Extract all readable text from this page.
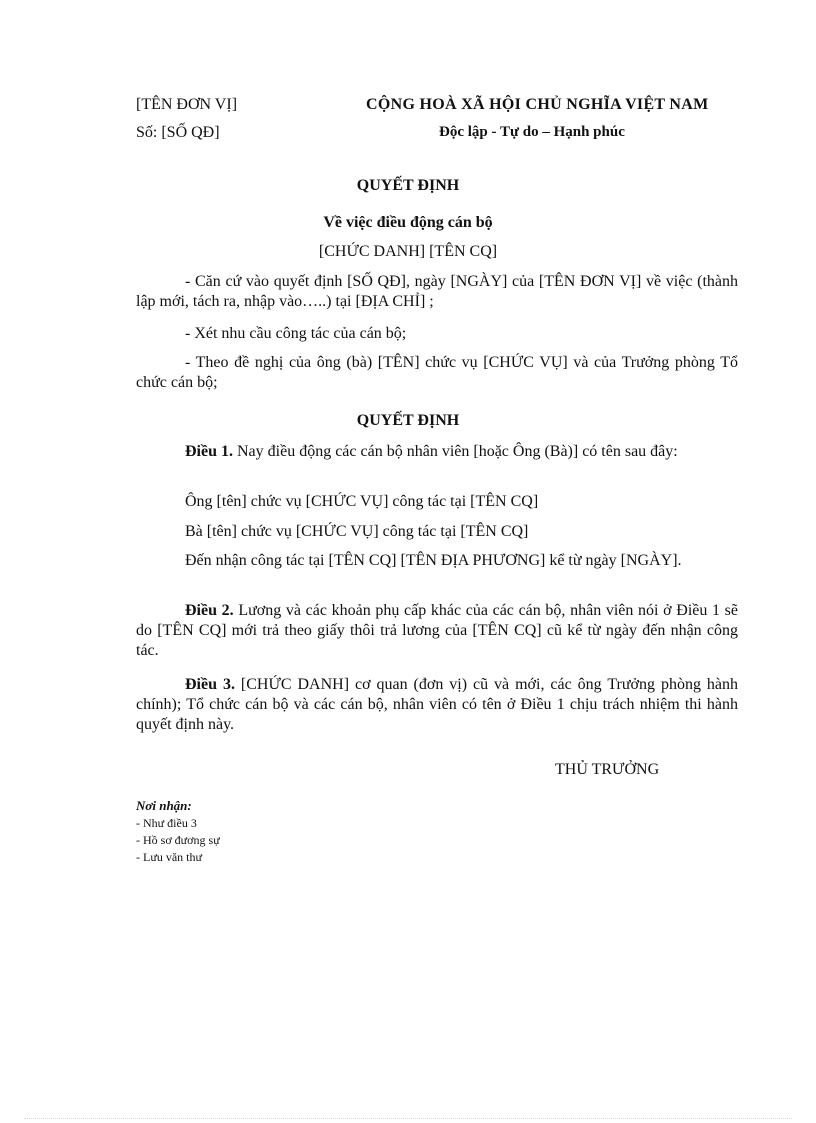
[TÊN ĐƠN VỊ]
Số: [SỐ QĐ]
CỘNG HOÀ XÃ HỘI CHỦ NGHĨA VIỆT NAM
Độc lập - Tự do – Hạnh phúc
QUYẾT ĐỊNH
Về việc điều động cán bộ
[CHỨC DANH] [TÊN CQ]
- Căn cứ vào quyết định [SỐ QĐ], ngày [NGÀY] của [TÊN ĐƠN VỊ] về việc (thành lập mới, tách ra, nhập vào…..) tại [ĐỊA CHỈ] ;
- Xét nhu cầu công tác của cán bộ;
- Theo đề nghị của ông (bà) [TÊN] chức vụ [CHỨC VỤ] và của Trưởng phòng Tổ chức cán bộ;
QUYẾT ĐỊNH
Điều 1. Nay điều động các cán bộ nhân viên [hoặc Ông (Bà)] có tên sau đây:
Ông [tên] chức vụ [CHỨC VỤ] công tác tại [TÊN CQ]
Bà [tên] chức vụ [CHỨC VỤ] công tác tại [TÊN CQ]
Đến nhận công tác tại [TÊN CQ] [TÊN ĐỊA PHƯƠNG] kể từ ngày [NGÀY].
Điều 2. Lương và các khoản phụ cấp khác của các cán bộ, nhân viên nói ở Điều 1 sẽ do [TÊN CQ] mới trả theo giấy thôi trả lương của [TÊN CQ] cũ kể từ ngày đến nhận công tác.
Điều 3. [CHỨC DANH] cơ quan (đơn vị) cũ và mới, các ông Trưởng phòng hành chính); Tổ chức cán bộ và các cán bộ, nhân viên có tên ở Điều 1 chịu trách nhiệm thi hành quyết định này.
THỦ TRƯỞNG
Nơi nhận:
- Như điều 3
- Hồ sơ đương sự
- Lưu văn thư
